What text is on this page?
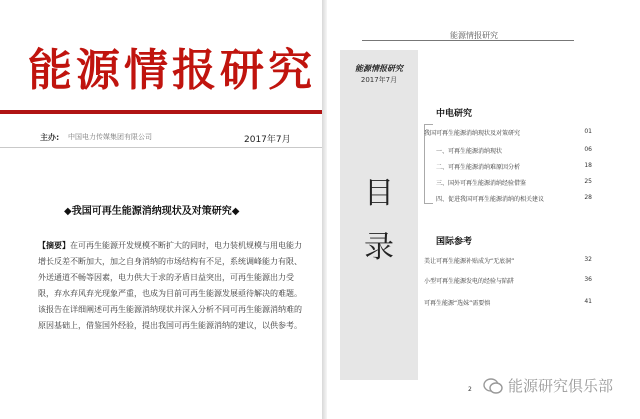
能源情报研究
主办: 中国电力传媒集团有限公司	2017年7月
◆我国可再生能源消纳现状及对策研究◆

【摘要】在可再生能源开发规模不断扩大的同时，电力装机规模与用电能力增长反差不断加大，加之自身消纳的市场结构有不足，系统调峰能力有限、外送通道不畅等因素，电力供大于求的矛盾日益突出，可再生能源出力受限，弃水弃风弃光现象严重，也成为目前可再生能源发展亟待解决的难题。该报告在详细阐述可再生能源消纳现状并深入分析不同可再生能源消纳难的原因基础上，借鉴国外经验，提出我国可再生能源消纳的建议，以供参考。

能源情报研究
能源情报研究
2017年7月
目
录
中电研究
我国可再生能源消纳现状及对策研究	01
一、可再生能源消纳现状	06
二、可再生能源消纳难原因分析	18
三、国外可再生能源消纳经验借鉴	25
四、促进我国可再生能源消纳的相关建议	28
国际参考
美让可再生能源补贴成为“无底洞”	32
小型可再生能源发电的经验与陷阱	36
可再生能源“选妹”需要慎	41
2 能源研究俱乐部
